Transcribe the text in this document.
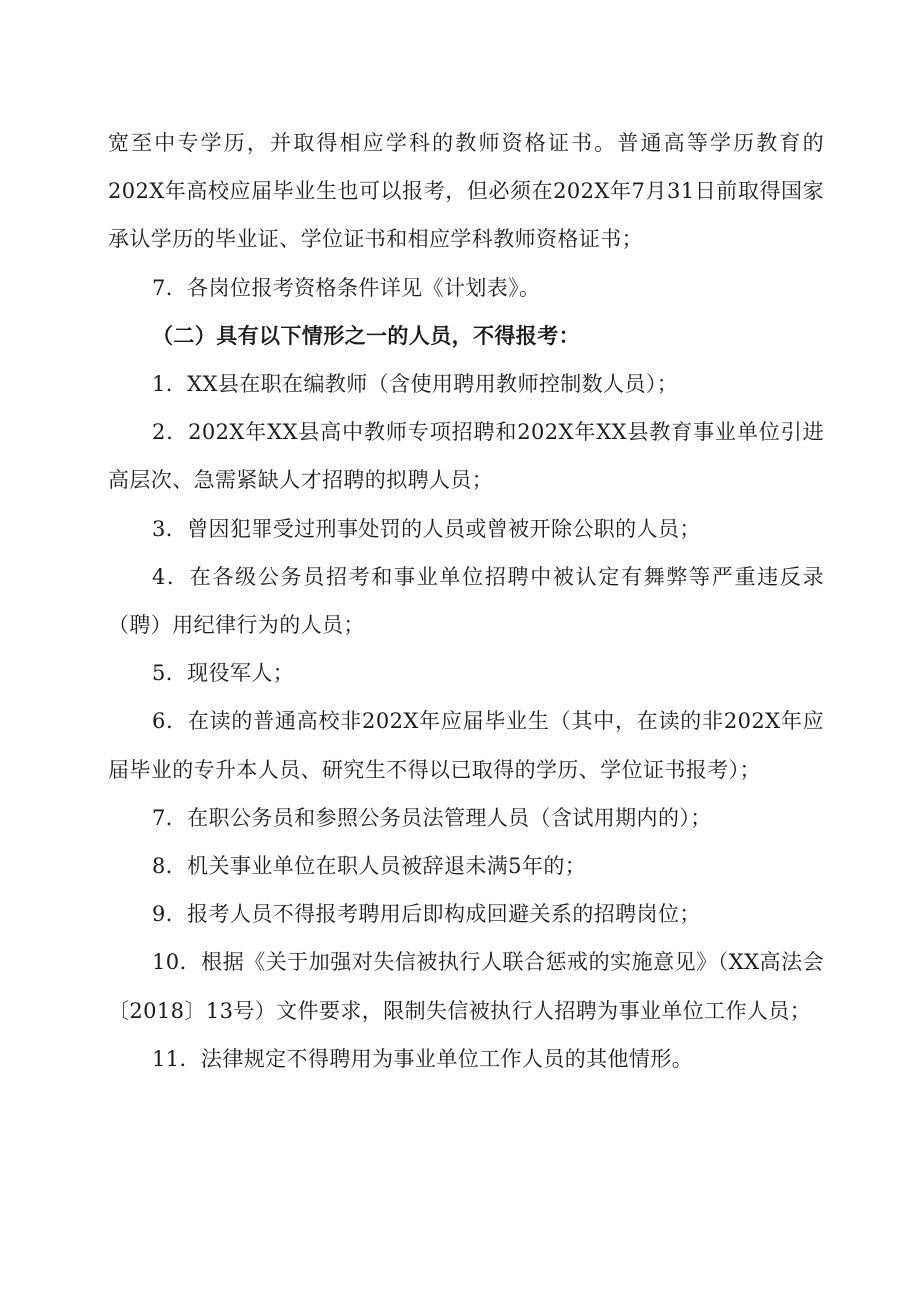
宽至中专学历，并取得相应学科的教师资格证书。普通高等学历教育的202X年高校应届毕业生也可以报考，但必须在202X年7月31日前取得国家承认学历的毕业证、学位证书和相应学科教师资格证书；

7．各岗位报考资格条件详见《计划表》。

（二）具有以下情形之一的人员，不得报考：

1．XX县在职在编教师（含使用聘用教师控制数人员）；

2．202X年XX县高中教师专项招聘和202X年XX县教育事业单位引进高层次、急需紧缺人才招聘的拟聘人员；

3．曾因犯罪受过刑事处罚的人员或曾被开除公职的人员；

4．在各级公务员招考和事业单位招聘中被认定有舞弊等严重违反录（聘）用纪律行为的人员；

5．现役军人；

6．在读的普通高校非202X年应届毕业生（其中，在读的非202X年应届毕业的专升本人员、研究生不得以已取得的学历、学位证书报考）；

7．在职公务员和参照公务员法管理人员（含试用期内的）；

8．机关事业单位在职人员被辞退未满5年的；

9．报考人员不得报考聘用后即构成回避关系的招聘岗位；

10．根据《关于加强对失信被执行人联合惩戒的实施意见》（XX高法会〔2018〕13号）文件要求，限制失信被执行人招聘为事业单位工作人员；

11．法律规定不得聘用为事业单位工作人员的其他情形。
